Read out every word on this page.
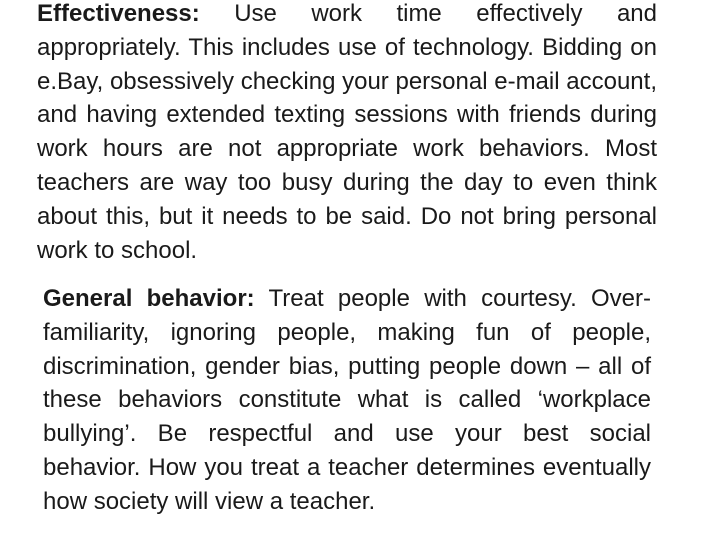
Effectiveness: Use work time effectively and appropriately. This includes use of technology. Bidding on e.Bay, obsessively checking your personal e-mail account, and having extended texting sessions with friends during work hours are not appropriate work behaviors. Most teachers are way too busy during the day to even think about this, but it needs to be said. Do not bring personal work to school.

General behavior: Treat people with courtesy. Over-familiarity, ignoring people, making fun of people, discrimination, gender bias, putting people down – all of these behaviors constitute what is called ‘workplace bullying’. Be respectful and use your best social behavior. How you treat a teacher determines eventually how society will view a teacher.
